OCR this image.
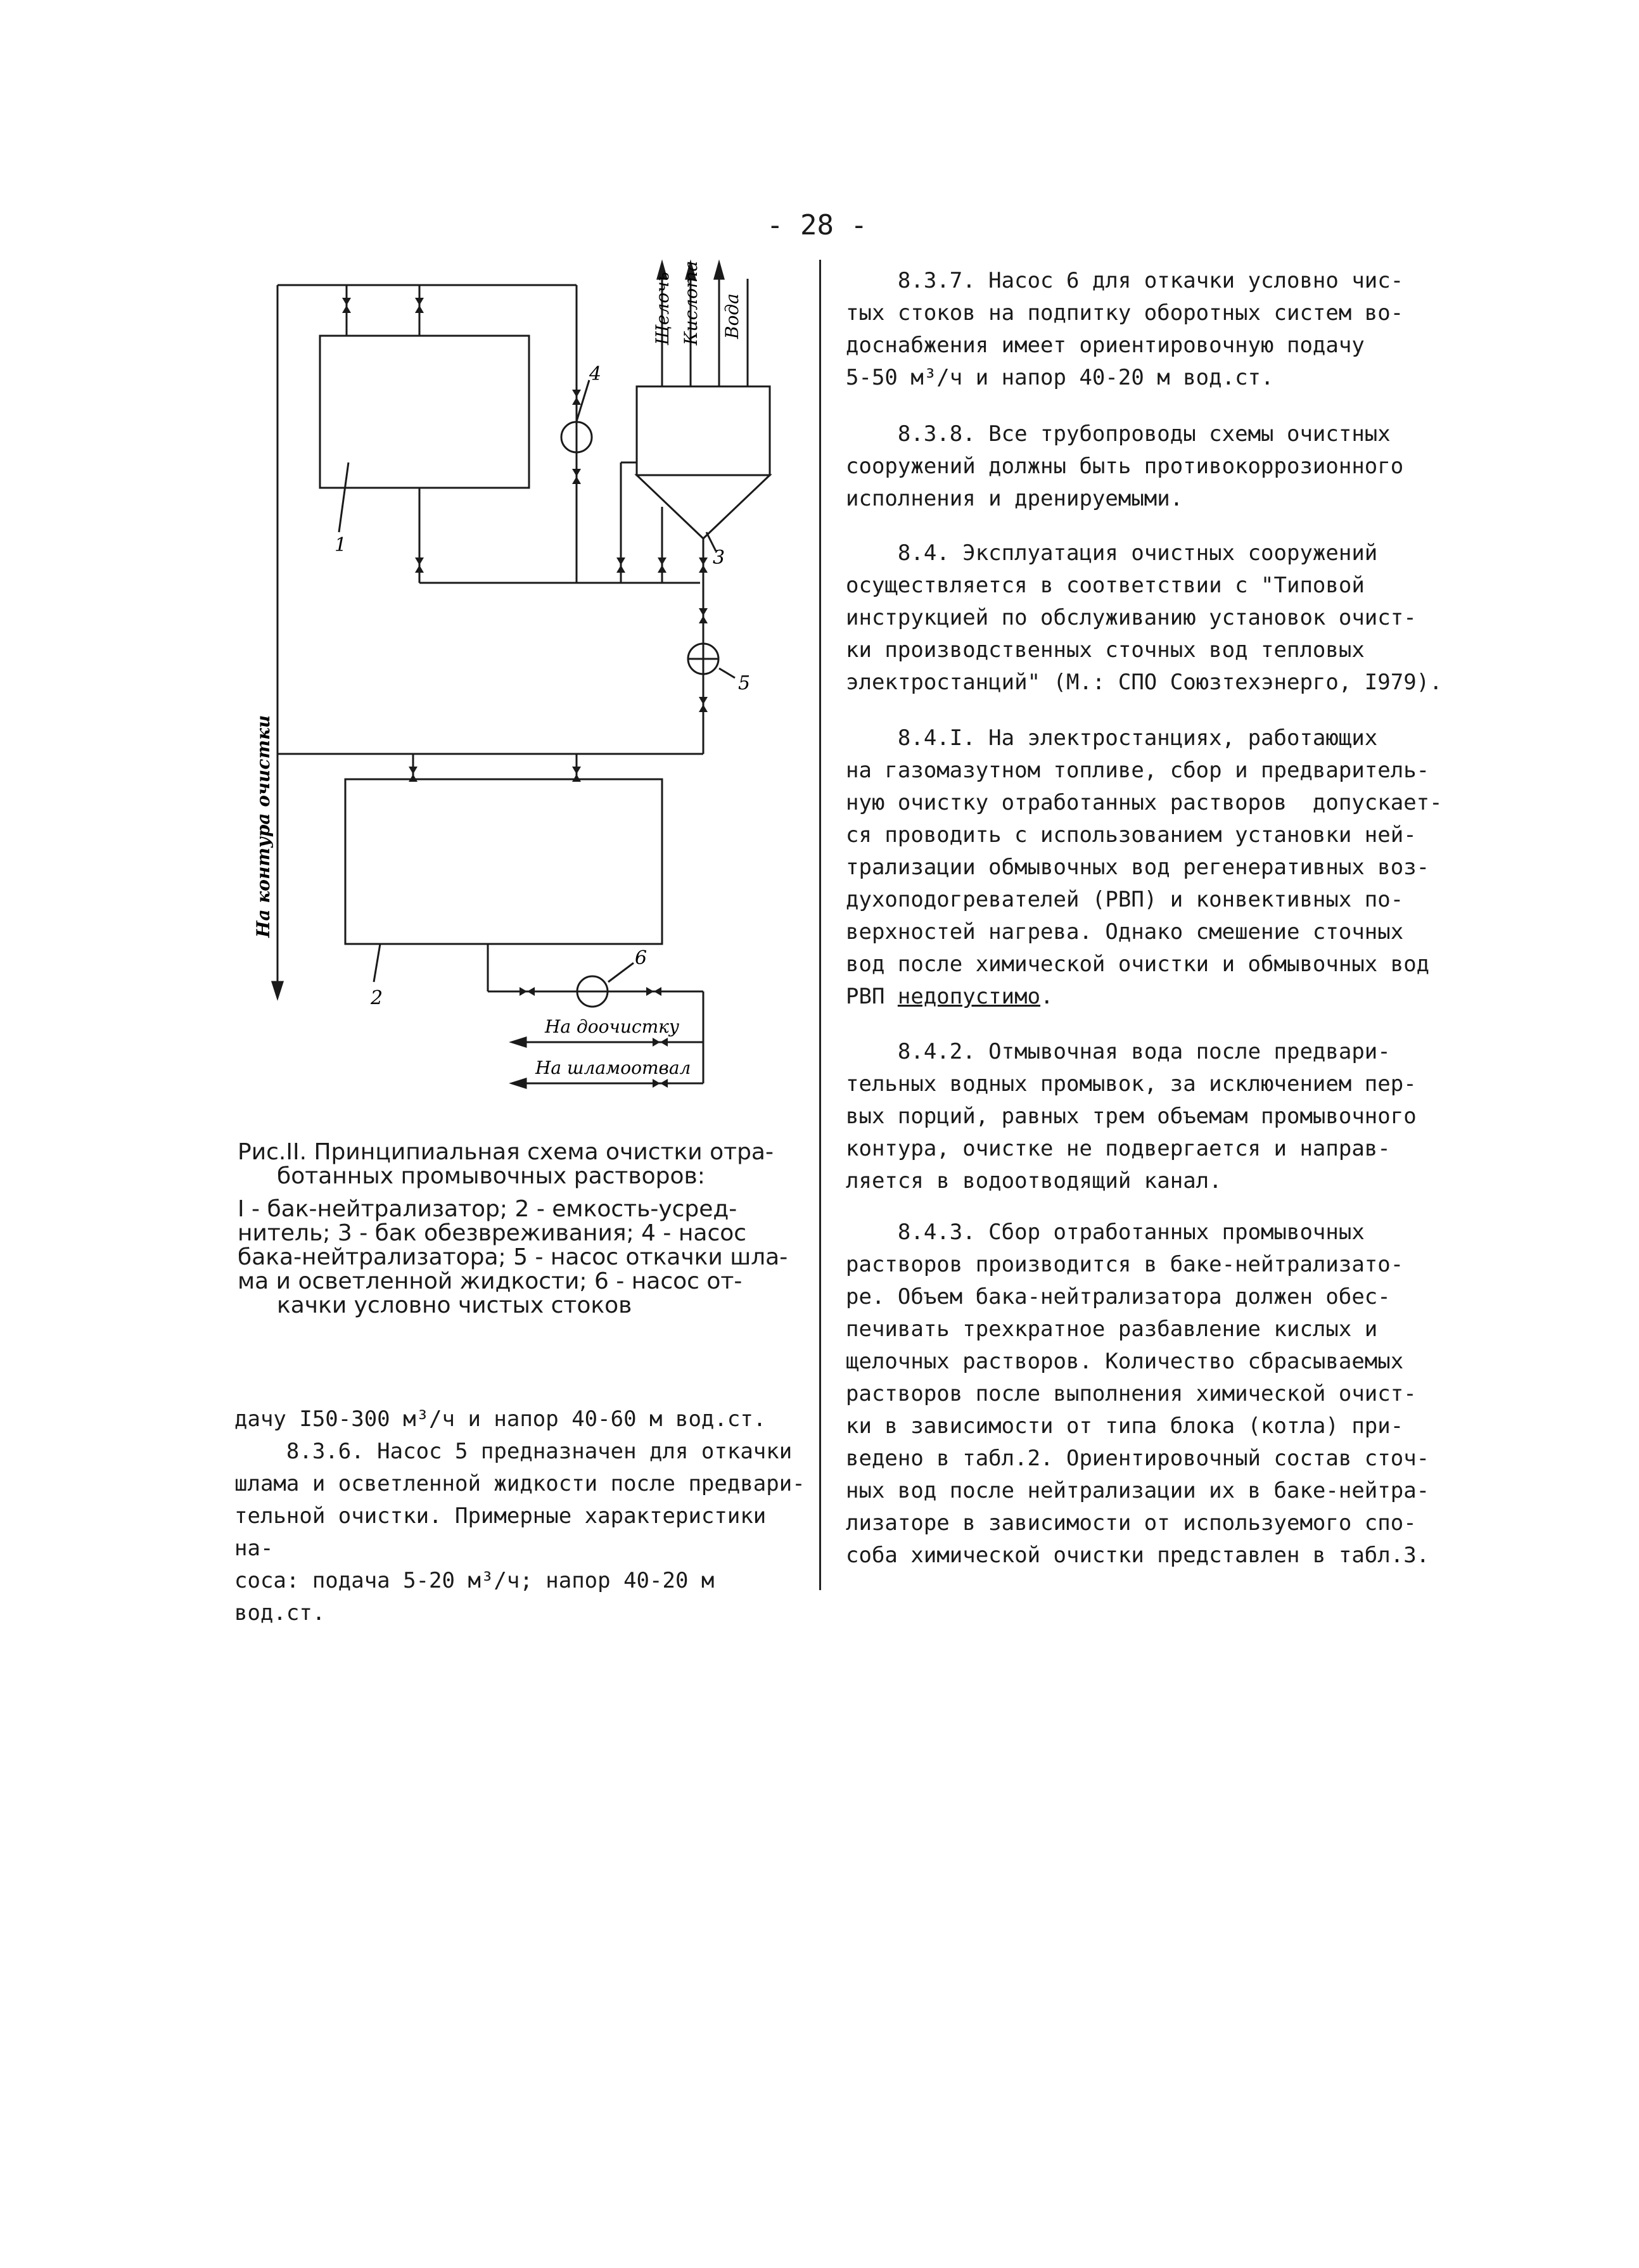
- 28 -
1
4
3
5
2
6
Щелочь Кислота Вода
На контура очистки
На доочистку
На шламоотвал
Рис.II. Принципиальная схема очистки отра-
ботанных промывочных растворов:
I - бак-нейтрализатор; 2 - емкость-усред-
нитель; 3 - бак обезвреживания; 4 - насос
бака-нейтрализатора; 5 - насос откачки шла-
ма и осветленной жидкости; 6 - насос от-
качки условно чистых стоков

дачу I50-300 м³/ч и напор 40-60 м вод.ст.

8.3.6. Насос 5 предназначен для откачки
шлама и осветленной жидкости после предвари-
тельной очистки. Примерные характеристики на-
соса: подача 5-20 м³/ч; напор 40-20 м вод.ст.

8.3.7. Насос 6 для откачки условно чис-
тых стоков на подпитку оборотных систем во-
доснабжения имеет ориентировочную подачу
5-50 м³/ч и напор 40-20 м вод.ст.

8.3.8. Все трубопроводы схемы очистных
сооружений должны быть противокоррозионного
исполнения и дренируемыми.

8.4. Эксплуатация очистных сооружений
осуществляется в соответствии с "Типовой
инструкцией по обслуживанию установок очист-
ки производственных сточных вод тепловых
электростанций" (М.: СПО Союзтехэнерго, I979).

8.4.I. На электростанциях, работающих
на газомазутном топливе, сбор и предваритель-
ную очистку отработанных растворов  допускает-
ся проводить с использованием установки ней-
трализации обмывочных вод регенеративных воз-
духоподогревателей (РВП) и конвективных по-
верхностей нагрева. Однако смешение сточных
вод после химической очистки и обмывочных вод
РВП недопустимо.

8.4.2. Отмывочная вода после предвари-
тельных водных промывок, за исключением пер-
вых порций, равных трем объемам промывочного
контура, очистке не подвергается и направ-
ляется в водоотводящий канал.

8.4.3. Сбор отработанных промывочных
растворов производится в баке-нейтрализато-
ре. Объем бака-нейтрализатора должен обес-
печивать трехкратное разбавление кислых и
щелочных растворов. Количество сбрасываемых
растворов после выполнения химической очист-
ки в зависимости от типа блока (котла) при-
ведено в табл.2. Ориентировочный состав сточ-
ных вод после нейтрализации их в баке-нейтра-
лизаторе в зависимости от используемого спо-
соба химической очистки представлен в табл.3.
